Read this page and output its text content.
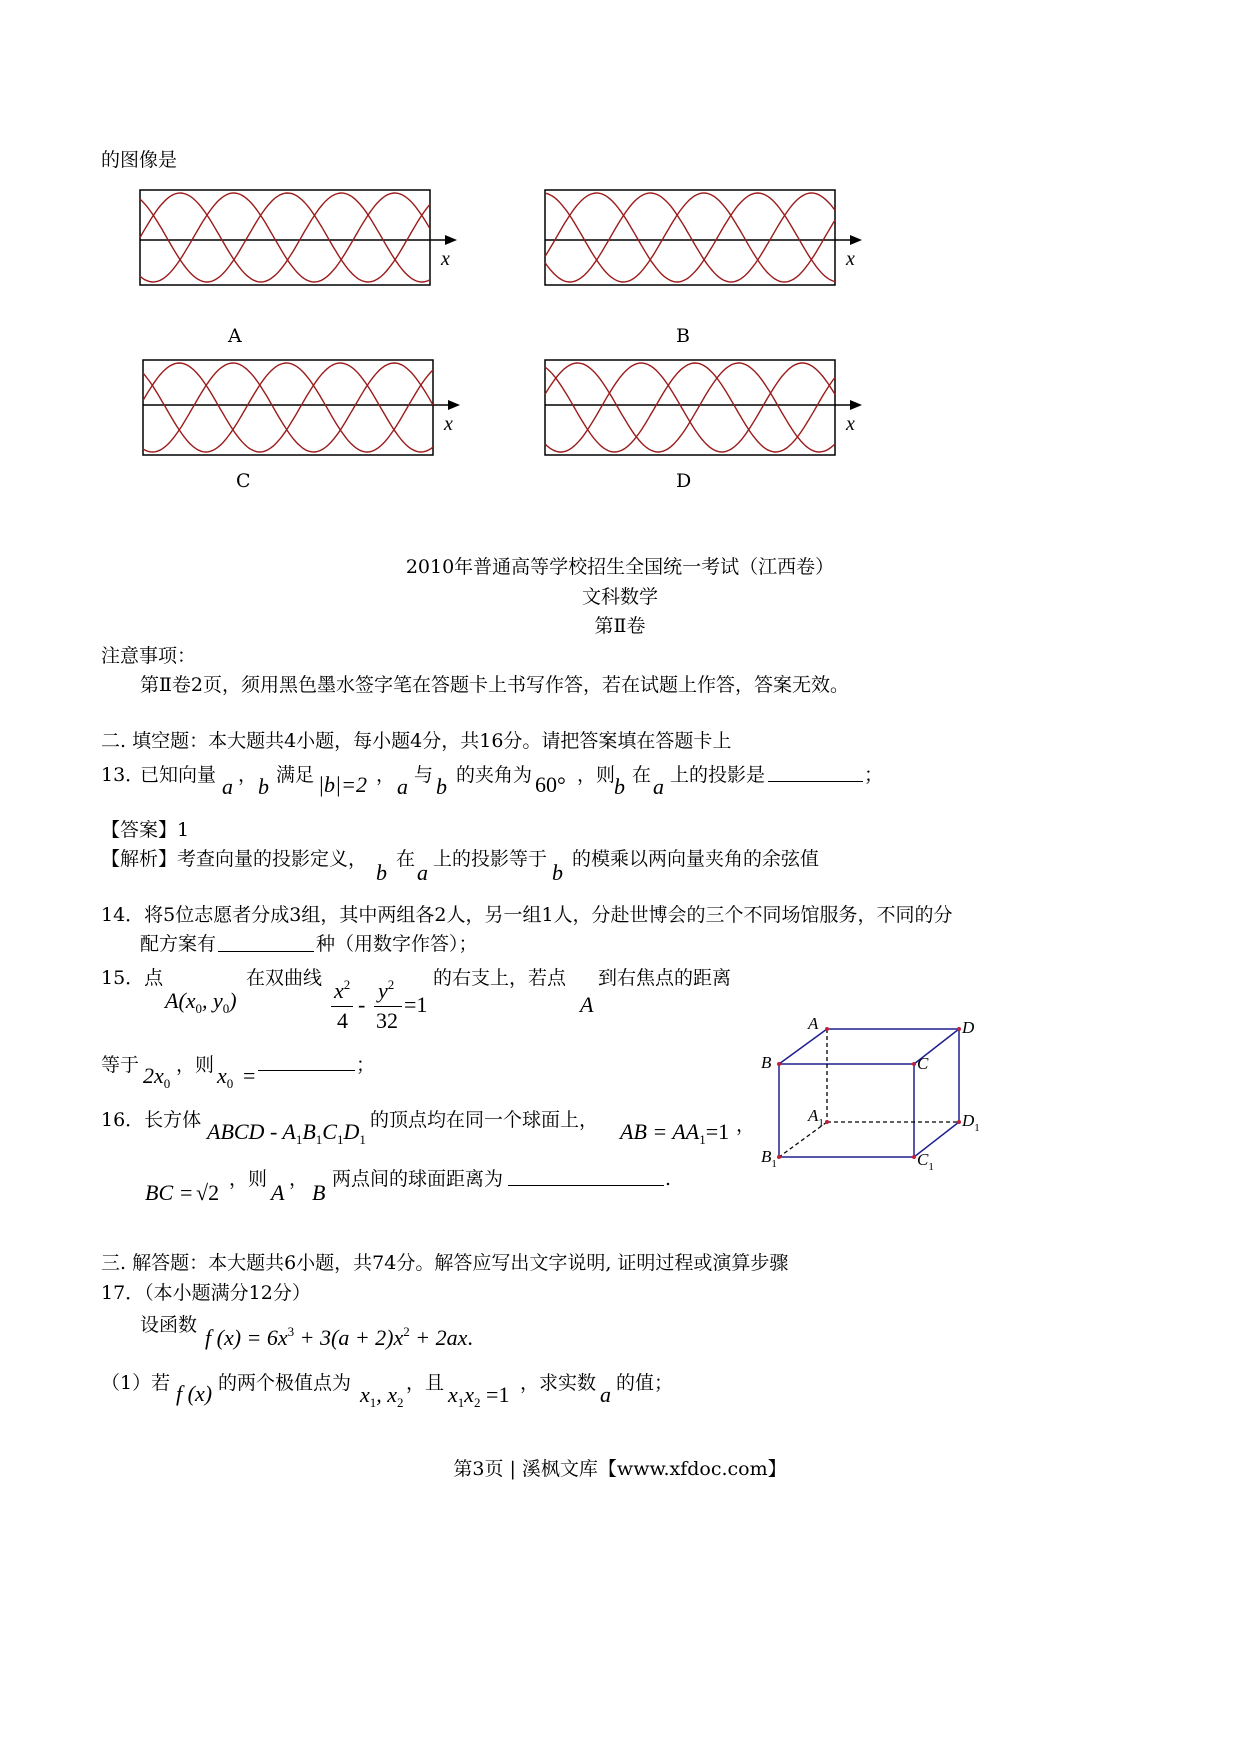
的图像是
x
A
x
B
x
C
x
D
2010年普通高等学校招生全国统一考试（江西卷）
文科数学
第Ⅱ卷
注意事项：
第Ⅱ卷2页，须用黑色墨水签字笔在答题卡上书写作答，若在试题上作答，答案无效。
二. 填空题：本大题共4小题，每小题4分，共16分。请把答案填在答题卡上
13．
已知向量 a ， b 满足 |b|=2 ， a 与 b 的夹角为 60° ，则
b 在 a 上的投影是	；
【答案】1
【解析】考查向量的投影定义，
b
在
a
上的投影等于
b
的模乘以两向量夹角的余弦值
14．将5位志愿者分成3组，其中两组各2人，另一组1人，分赴世博会的三个不同场馆服务，不同的分
配方案有	种（用数字作答）；
15．点
$A(x_0$, $y_0$)
在双曲线 $x^2$
4
-
$y^2$
32
=1
的右支上，若点
A
到右焦点的距离
等于 $2x_0$
，则 $x_0$ =	；
A	D
B	C
$A_1$	$D_1$
$B_1$	$C_1$
16．长方体 ABCD - $A_1B_1C_1D_1$
的顶点均在同一个球面上， AB = $AA_1=1$ ，
BC = √2
，则
A
，
B
两点间的球面距离为	.
三. 解答题：本大题共6小题，共74分。解答应写出文字说明, 证明过程或演算步骤
17．（本小题满分12分）
设函数 f $(x) = 6x^3 + 3(a + 2)x^2 + 2ax$.
（1）若 f (x) 的两个极值点为 $x_1$, $x_2$
，且 $x_1x_2 =1$ ，求实数 a 的值；
第3页 | 溪枫文库【www.xfdoc.com】
